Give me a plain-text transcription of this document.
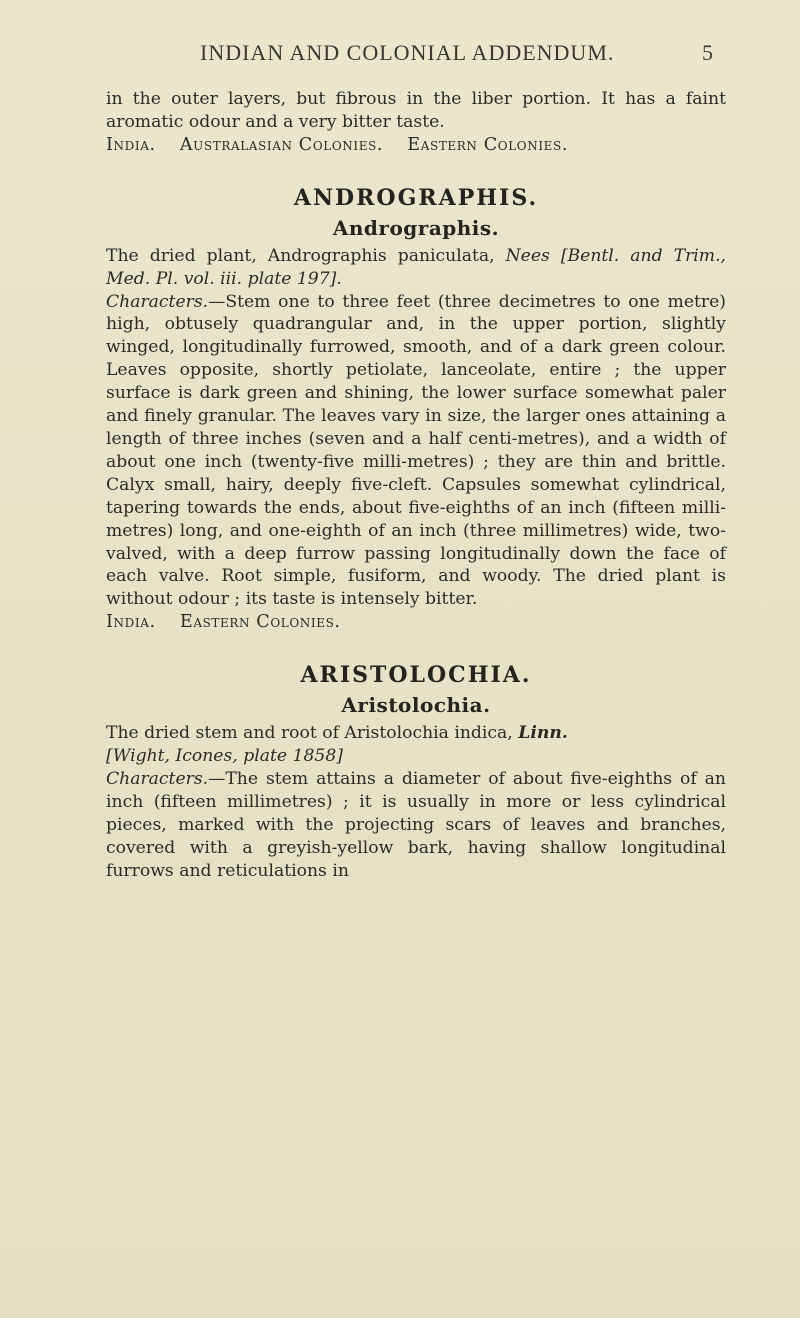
INDIAN AND COLONIAL ADDENDUM.	5

in the outer layers, but fibrous in the liber portion. It has a faint aromatic odour and a very bitter taste.

India. Australasian Colonies. Eastern Colonies.

ANDROGRAPHIS.
Andrographis.

The dried plant, Andrographis paniculata, Nees [Bentl. and Trim., Med. Pl. vol. iii. plate 197].

Characters.—Stem one to three feet (three decimetres to one metre) high, obtusely quadrangular and, in the upper portion, slightly winged, longitudinally furrowed, smooth, and of a dark green colour. Leaves opposite, shortly petiolate, lanceolate, entire ; the upper surface is dark green and shining, the lower surface somewhat paler and finely granular. The leaves vary in size, the larger ones attaining a length of three inches (seven and a half centi-metres), and a width of about one inch (twenty-five milli-metres) ; they are thin and brittle. Calyx small, hairy, deeply five-cleft. Capsules somewhat cylindrical, tapering towards the ends, about five-eighths of an inch (fifteen milli-metres) long, and one-eighth of an inch (three millimetres) wide, two-valved, with a deep furrow passing longitudinally down the face of each valve. Root simple, fusiform, and woody. The dried plant is without odour ; its taste is intensely bitter.

India. Eastern Colonies.

ARISTOLOCHIA.
Aristolochia.

The dried stem and root of Aristolochia indica, Linn.
[Wight, Icones, plate 1858]

Characters.—The stem attains a diameter of about five-eighths of an inch (fifteen millimetres) ; it is usually in more or less cylindrical pieces, marked with the projecting scars of leaves and branches, covered with a greyish-yellow bark, having shallow longitudinal furrows and reticulations in
